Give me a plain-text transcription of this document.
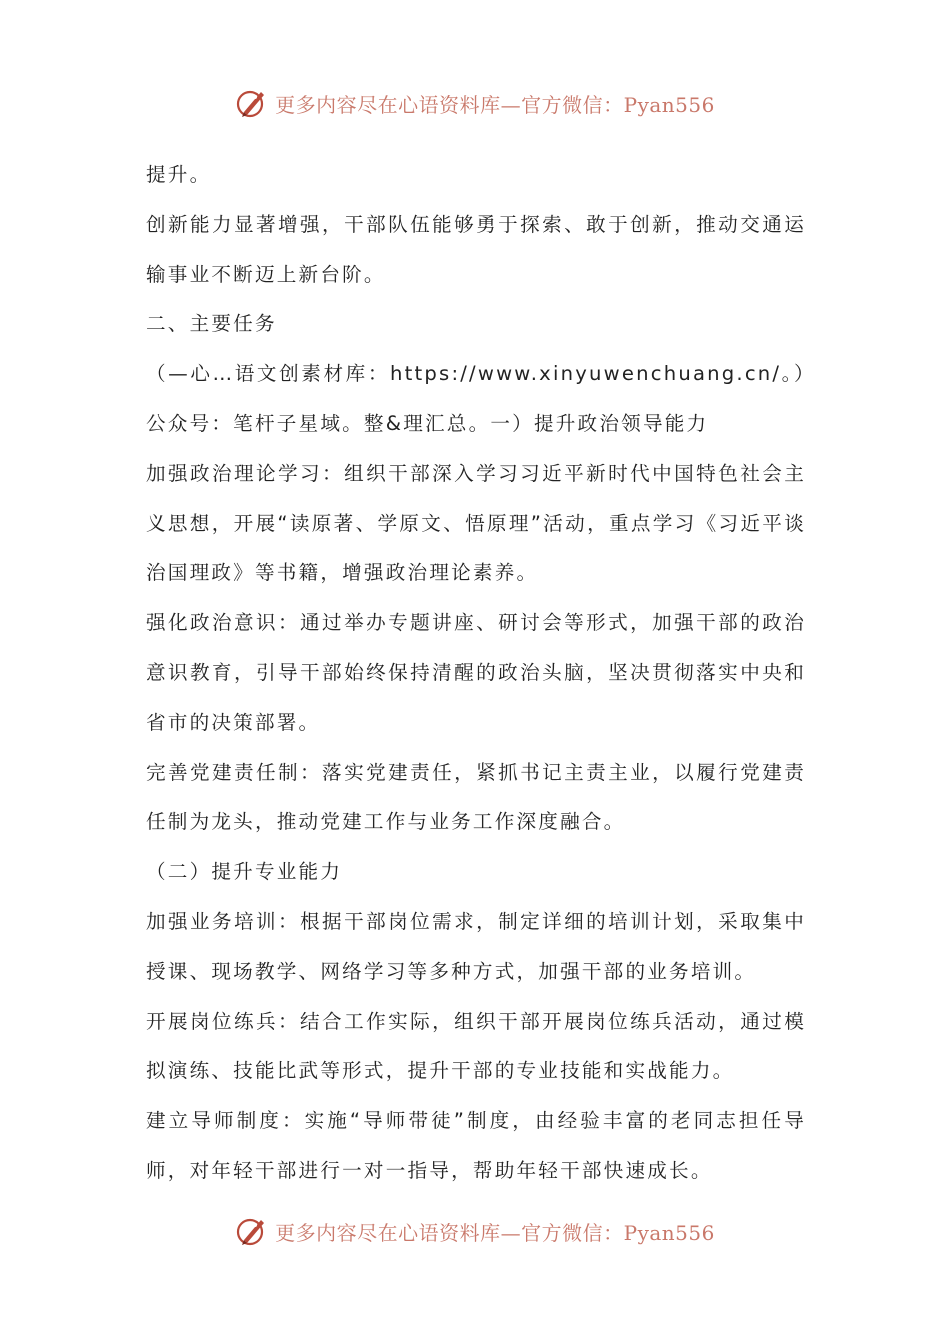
更多内容尽在心语资料库—官方微信：Pyan556

提升。

创新能力显著增强，干部队伍能够勇于探索、敢于创新，推动交通运输事业不断迈上新台阶。

二、主要任务

（—心…语文创素材库：https://www.xinyuwenchuang.cn/。）公众号：笔杆子星域。整&理汇总。一）提升政治领导能力

加强政治理论学习：组织干部深入学习习近平新时代中国特色社会主义思想，开展“读原著、学原文、悟原理”活动，重点学习《习近平谈治国理政》等书籍，增强政治理论素养。

强化政治意识：通过举办专题讲座、研讨会等形式，加强干部的政治意识教育，引导干部始终保持清醒的政治头脑，坚决贯彻落实中央和省市的决策部署。

完善党建责任制：落实党建责任，紧抓书记主责主业，以履行党建责任制为龙头，推动党建工作与业务工作深度融合。

（二）提升专业能力

加强业务培训：根据干部岗位需求，制定详细的培训计划，采取集中授课、现场教学、网络学习等多种方式，加强干部的业务培训。

开展岗位练兵：结合工作实际，组织干部开展岗位练兵活动，通过模拟演练、技能比武等形式，提升干部的专业技能和实战能力。

建立导师制度：实施“导师带徒”制度，由经验丰富的老同志担任导师，对年轻干部进行一对一指导，帮助年轻干部快速成长。

更多内容尽在心语资料库—官方微信：Pyan556
